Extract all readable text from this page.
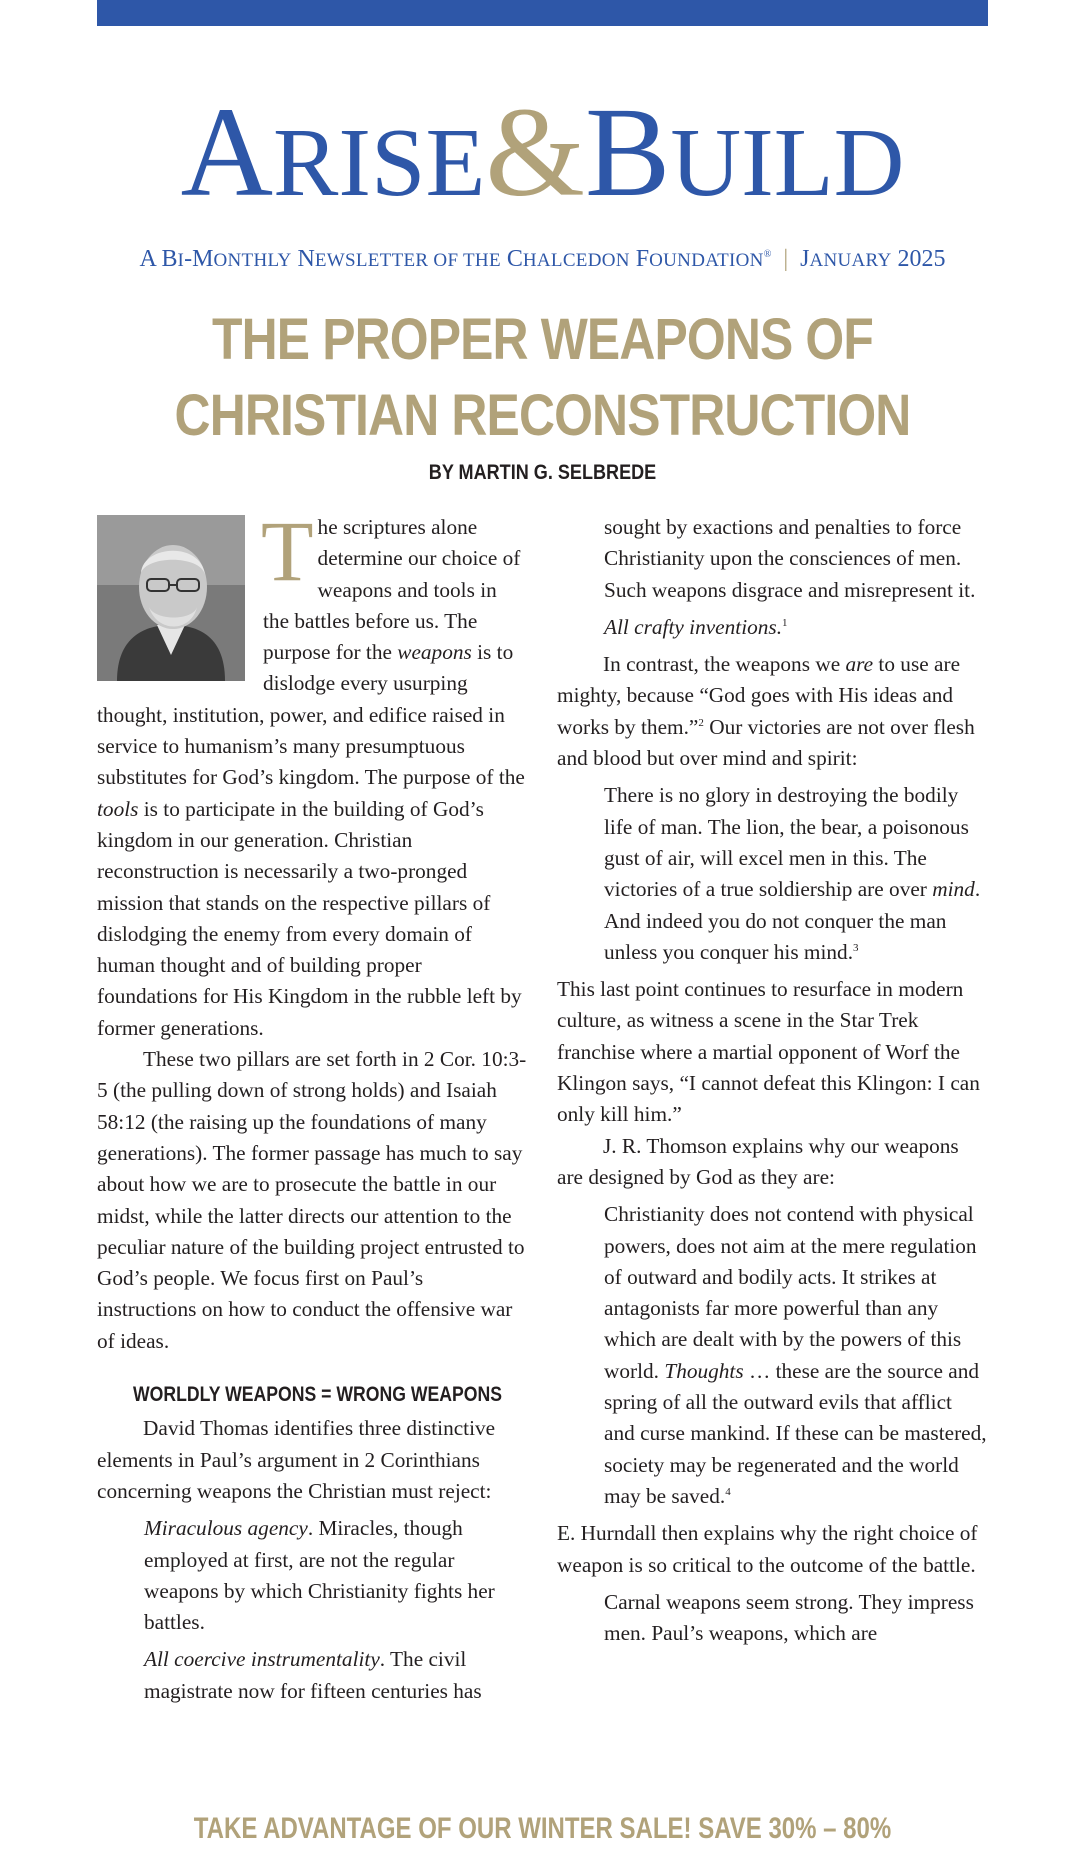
ARISE&BUILD
A BI-MONTHLY NEWSLETTER OF THE CHALCEDON FOUNDATION® | JANUARY 2025
THE PROPER WEAPONS OF
CHRISTIAN RECONSTRUCTION
BY MARTIN G. SELBREDE

The scriptures alone determine our choice of weapons and tools in the battles before us. The purpose for the weapons is to dislodge every usurping thought, institution, power, and edifice raised in service to humanism’s many presumptuous substitutes for God’s kingdom. The purpose of the tools is to participate in the building of God’s kingdom in our generation. Christian reconstruction is necessarily a two-pronged mission that stands on the respective pillars of dislodging the enemy from every domain of human thought and of building proper foundations for His Kingdom in the rubble left by former generations.

These two pillars are set forth in 2 Cor. 10:3-5 (the pulling down of strong holds) and Isaiah 58:12 (the raising up the foundations of many generations). The former passage has much to say about how we are to prosecute the battle in our midst, while the latter directs our attention to the peculiar nature of the building project entrusted to God’s people. We focus first on Paul’s instructions on how to conduct the offensive war of ideas.

WORLDLY WEAPONS = WRONG WEAPONS

David Thomas identifies three distinctive elements in Paul’s argument in 2 Corinthians concerning weapons the Christian must reject:

Miraculous agency. Miracles, though employed at first, are not the regular weapons by which Christianity fights her battles.

All coercive instrumentality. The civil magistrate now for fifteen centuries has

sought by exactions and penalties to force Christianity upon the consciences of men. Such weapons disgrace and misrepresent it.

All crafty inventions.$^1$

In contrast, the weapons we are to use are mighty, because “God goes with His ideas and works by them.”$^2$ Our victories are not over flesh and blood but over mind and spirit:

There is no glory in destroying the bodily life of man. The lion, the bear, a poisonous gust of air, will excel men in this. The victories of a true soldiership are over mind. And indeed you do not conquer the man unless you conquer his mind.$^3$

This last point continues to resurface in modern culture, as witness a scene in the Star Trek franchise where a martial opponent of Worf the Klingon says, “I cannot defeat this Klingon: I can only kill him.”

J. R. Thomson explains why our weapons are designed by God as they are:

Christianity does not contend with physical powers, does not aim at the mere regulation of outward and bodily acts. It strikes at antagonists far more powerful than any which are dealt with by the powers of this world. Thoughts … these are the source and spring of all the outward evils that afflict and curse mankind. If these can be mastered, society may be regenerated and the world may be saved.$^4$

E. Hurndall then explains why the right choice of weapon is so critical to the outcome of the battle.

Carnal weapons seem strong. They impress men. Paul’s weapons, which are

TAKE ADVANTAGE OF OUR WINTER SALE! SAVE 30% – 80%
